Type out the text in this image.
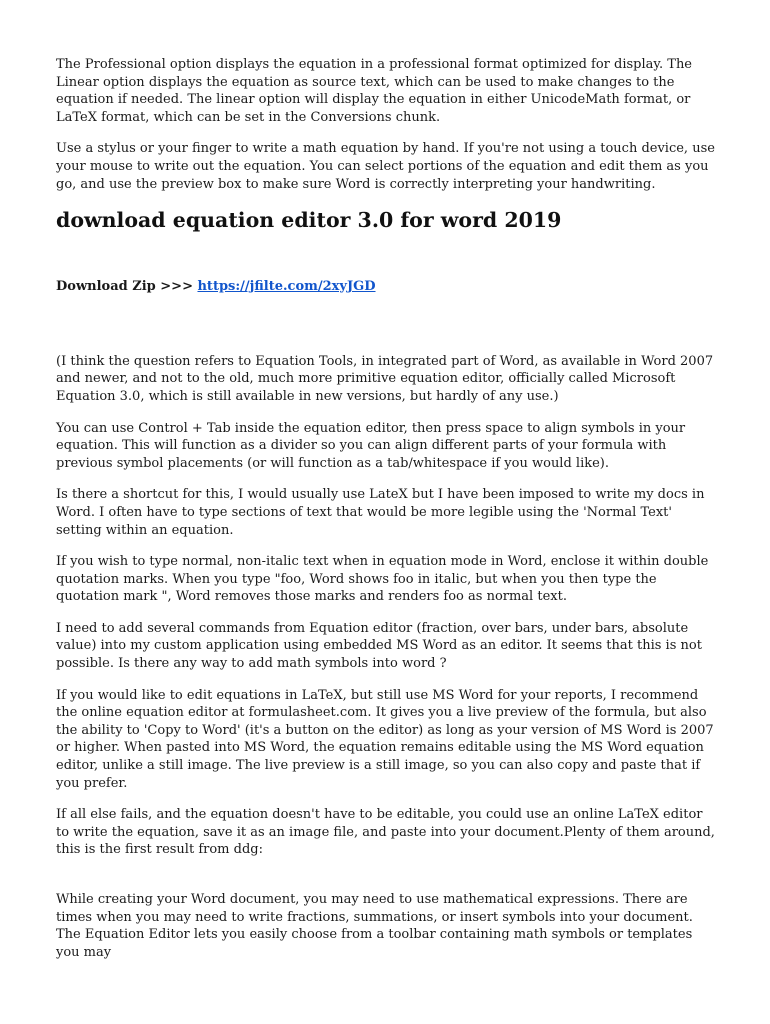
The Professional option displays the equation in a professional format optimized for display. The Linear option displays the equation as source text, which can be used to make changes to the equation if needed. The linear option will display the equation in either UnicodeMath format, or LaTeX format, which can be set in the Conversions chunk.

Use a stylus or your finger to write a math equation by hand. If you're not using a touch device, use your mouse to write out the equation. You can select portions of the equation and edit them as you go, and use the preview box to make sure Word is correctly interpreting your handwriting.

download equation editor 3.0 for word 2019

Download Zip >>> https://jfilte.com/2xyJGD

(I think the question refers to Equation Tools, in integrated part of Word, as available in Word 2007 and newer, and not to the old, much more primitive equation editor, officially called Microsoft Equation 3.0, which is still available in new versions, but hardly of any use.)

You can use Control + Tab inside the equation editor, then press space to align symbols in your equation. This will function as a divider so you can align different parts of your formula with previous symbol placements (or will function as a tab/whitespace if you would like).

Is there a shortcut for this, I would usually use LateX but I have been imposed to write my docs in Word. I often have to type sections of text that would be more legible using the 'Normal Text' setting within an equation.

If you wish to type normal, non-italic text when in equation mode in Word, enclose it within double quotation marks. When you type "foo, Word shows foo in italic, but when you then type the quotation mark ", Word removes those marks and renders foo as normal text.

I need to add several commands from Equation editor (fraction, over bars, under bars, absolute value) into my custom application using embedded MS Word as an editor. It seems that this is not possible. Is there any way to add math symbols into word ?

If you would like to edit equations in LaTeX, but still use MS Word for your reports, I recommend the online equation editor at formulasheet.com. It gives you a live preview of the formula, but also the ability to 'Copy to Word' (it's a button on the editor) as long as your version of MS Word is 2007 or higher. When pasted into MS Word, the equation remains editable using the MS Word equation editor, unlike a still image. The live preview is a still image, so you can also copy and paste that if you prefer.

If all else fails, and the equation doesn't have to be editable, you could use an online LaTeX editor to write the equation, save it as an image file, and paste into your document.Plenty of them around, this is the first result from ddg:

While creating your Word document, you may need to use mathematical expressions. There are times when you may need to write fractions, summations, or insert symbols into your document. The Equation Editor lets you easily choose from a toolbar containing math symbols or templates you may
